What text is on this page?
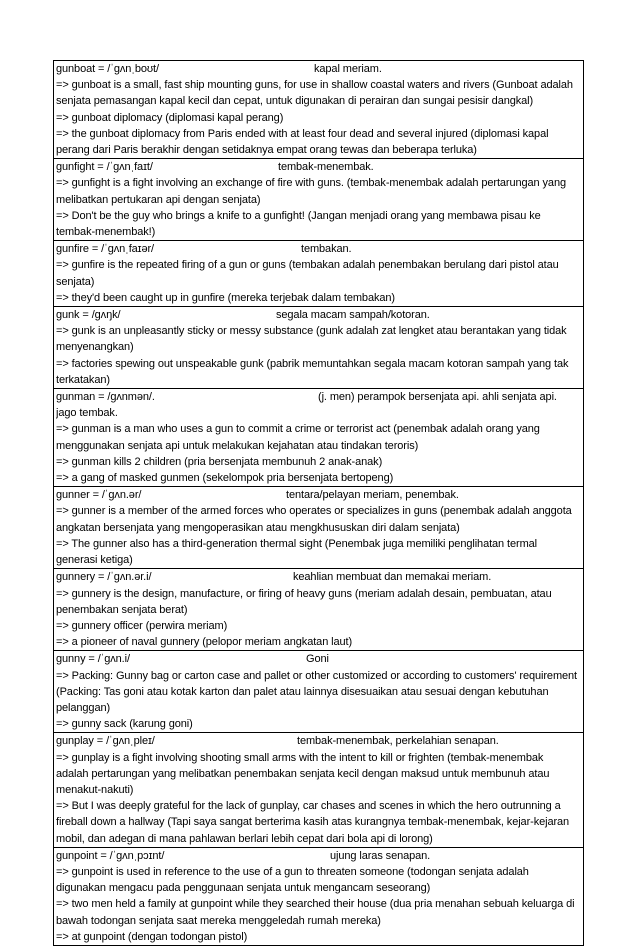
gunboat = /ˈɡʌnˌboʊt/	kapal meriam.
=> gunboat is a small, fast ship mounting guns, for use in shallow coastal waters and rivers (Gunboat adalah
senjata pemasangan kapal kecil dan cepat, untuk digunakan di perairan dan sungai pesisir dangkal)
=> gunboat diplomacy (diplomasi kapal perang)
=> the gunboat diplomacy from Paris ended with at least four dead and several injured (diplomasi kapal
perang dari Paris berakhir dengan setidaknya empat orang tewas dan beberapa terluka)
gunfight = /ˈɡʌnˌfaɪt/	tembak-menembak.
=> gunfight is a fight involving an exchange of fire with guns. (tembak-menembak adalah pertarungan yang
melibatkan pertukaran api dengan senjata)
=> Don't be the guy who brings a knife to a gunfight! (Jangan menjadi orang yang membawa pisau ke
tembak-menembak!)
gunfire = /ˈɡʌnˌfaɪər/	tembakan.
=> gunfire is the repeated firing of a gun or guns (tembakan adalah penembakan berulang dari pistol atau
senjata)
=> they'd been caught up in gunfire (mereka terjebak dalam tembakan)
gunk = /ɡʌŋk/	segala macam sampah/kotoran.
=> gunk is an unpleasantly sticky or messy substance (gunk adalah zat lengket atau berantakan yang tidak
menyenangkan)
=> factories spewing out unspeakable gunk (pabrik memuntahkan segala macam kotoran sampah yang tak
terkatakan)
gunman = /ɡʌnmən/.	(j. men) perampok bersenjata api. ahli senjata api.
jago tembak.
=> gunman is a man who uses a gun to commit a crime or terrorist act (penembak adalah orang yang
menggunakan senjata api untuk melakukan kejahatan atau tindakan teroris)
=> gunman kills 2 children (pria bersenjata membunuh 2 anak-anak)
=> a gang of masked gunmen (sekelompok pria bersenjata bertopeng)
gunner = /ˈɡʌn.ər/	tentara/pelayan meriam, penembak.
=> gunner is a member of the armed forces who operates or specializes in guns (penembak adalah anggota
angkatan bersenjata yang mengoperasikan atau mengkhususkan diri dalam senjata)
=> The gunner also has a third-generation thermal sight (Penembak juga memiliki penglihatan termal
generasi ketiga)
gunnery = /ˈɡʌn.ər.i/	keahlian membuat dan memakai meriam.
=> gunnery is the design, manufacture, or firing of heavy guns (meriam adalah desain, pembuatan, atau
penembakan senjata berat)
=> gunnery officer (perwira meriam)
=> a pioneer of naval gunnery (pelopor meriam angkatan laut)
gunny = /ˈɡʌn.i/	Goni
=> Packing: Gunny bag or carton case and pallet or other customized or according to customers' requirement
(Packing: Tas goni atau kotak karton dan palet atau lainnya disesuaikan atau sesuai dengan kebutuhan
pelanggan)
=> gunny sack (karung goni)
gunplay = /ˈɡʌnˌpleɪ/	tembak-menembak, perkelahian senapan.
=> gunplay is a fight involving shooting small arms with the intent to kill or frighten (tembak-menembak
adalah pertarungan yang melibatkan penembakan senjata kecil dengan maksud untuk membunuh atau
menakut-nakuti)
=> But I was deeply grateful for the lack of gunplay, car chases and scenes in which the hero outrunning a
fireball down a hallway (Tapi saya sangat berterima kasih atas kurangnya tembak-menembak, kejar-kejaran
mobil, dan adegan di mana pahlawan berlari lebih cepat dari bola api di lorong)
gunpoint = /ˈɡʌnˌpɔɪnt/	ujung laras senapan.
=> gunpoint is used in reference to the use of a gun to threaten someone (todongan senjata adalah
digunakan mengacu pada penggunaan senjata untuk mengancam seseorang)
=> two men held a family at gunpoint while they searched their house (dua pria menahan sebuah keluarga di
bawah todongan senjata saat mereka menggeledah rumah mereka)
=> at gunpoint (dengan todongan pistol)
